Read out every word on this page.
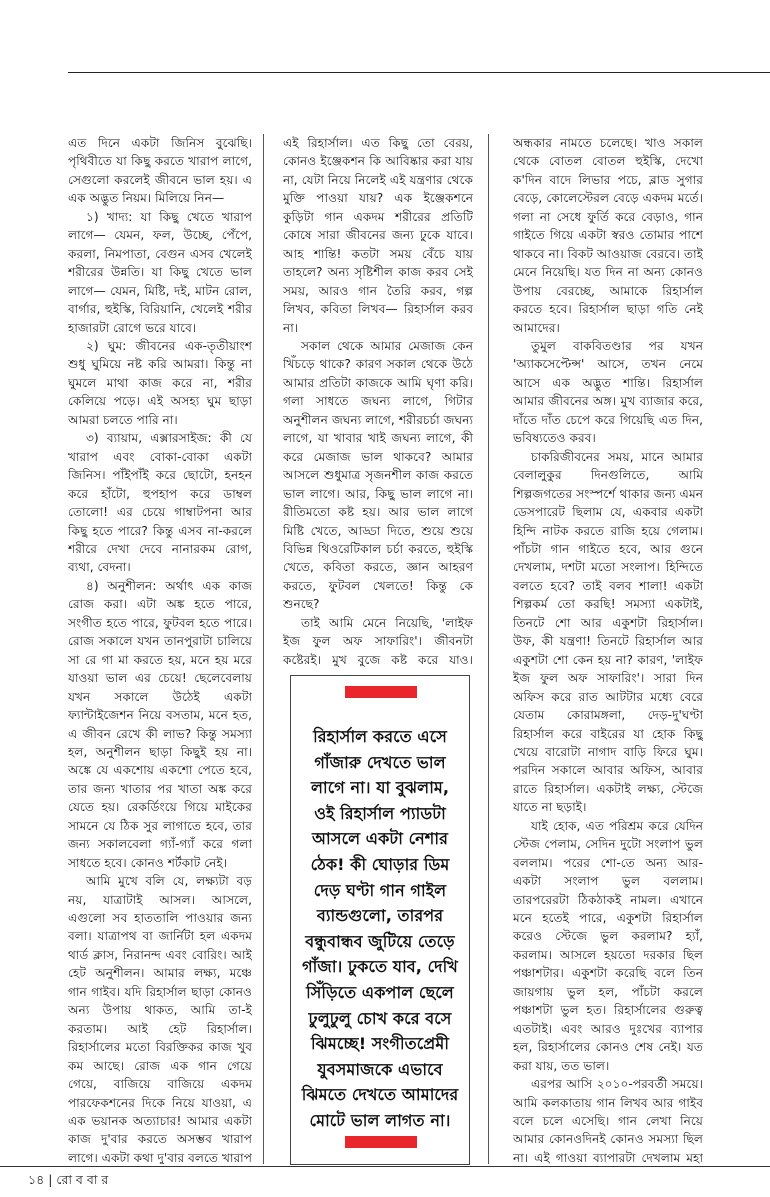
এত দিনে একটা জিনিস বুঝেছি। পৃথিবীতে যা কিছু করতে খারাপ লাগে, সেগুলো করলেই জীবনে ভাল হয়। এ এক অদ্ভুত নিয়ম। মিলিয়ে নিন—

১) খাদ্য: যা কিছু খেতে খারাপ লাগে— যেমন, ফল, উচ্ছে, পেঁপে, করলা, নিমপাতা, বেগুন এসব খেলেই শরীরের উন্নতি। যা কিছু খেতে ভাল লাগে— যেমন, মিষ্টি, দই, মাটন রোল, বার্গার, হুইস্কি, বিরিয়ানি, খেলেই শরীর হাজারটা রোগে ভরে যাবে।

২) ঘুম: জীবনের এক-তৃতীয়াংশ শুধু ঘুমিয়ে নষ্ট করি আমরা। কিন্তু না ঘুমলে মাথা কাজ করে না, শরীর কেলিয়ে পড়ে। এই অসহ্য ঘুম ছাড়া আমরা চলতে পারি না।

৩) ব্যায়াম, এক্সারসাইজ: কী যে খারাপ এবং বোকা-বোকা একটা জিনিস। পাঁইপাঁই করে ছোটো, হনহন করে হাঁটো, হুপহাপ করে ডাম্বল তোলো! এর চেয়ে গাম্বাটপনা আর কিছু হতে পারে? কিন্তু এসব না-করলে শরীরে দেখা দেবে নানারকম রোগ, ব্যথা, বেদনা।

৪) অনুশীলন: অর্থাৎ এক কাজ রোজ করা। এটা অঙ্ক হতে পারে, সংগীত হতে পারে, ফুটবল হতে পারে। রোজ সকালে যখন তানপুরাটা চালিয়ে সা রে গা মা করতে হয়, মনে হয় মরে যাওয়া ভাল এর চেয়ে! ছেলেবেলায় যখন সকালে উঠেই একটা ফ্যান্টাইজেশন নিয়ে বসতাম, মনে হত, এ জীবন রেখে কী লাভ? কিন্তু সমস্যা হল, অনুশীলন ছাড়া কিছুই হয় না। অঙ্কে যে একশোয় একশো পেতে হবে, তার জন্য খাতার পর খাতা অঙ্ক করে যেতে হয়। রেকর্ডিংয়ে গিয়ে মাইকের সামনে যে ঠিক সুর লাগাতে হবে, তার জন্য সকালবেলা গ্যাঁ-গ্যাঁ করে গলা সাধতে হবে। কোনও শর্টকাট নেই।

আমি মুখে বলি যে, লক্ষ্যটা বড় নয়, যাত্রাটাই আসল। আসলে, এগুলো সব হাততালি পাওয়ার জন্য বলা। যাত্রাপথ বা জার্নিটা হল একদম থার্ড ক্লাস, নিরানন্দ এবং বোরিং। আই হেট অনুশীলন। আমার লক্ষ্য, মঞ্চে গান গাইব। যদি রিহার্সাল ছাড়া কোনও অন্য উপায় থাকত, আমি তা-ই করতাম। আই হেট রিহার্সাল। রিহার্সালের মতো বিরক্তিকর কাজ খুব কম আছে। রোজ এক গান গেয়ে গেয়ে, বাজিয়ে বাজিয়ে একদম পারফেকশনের দিকে নিয়ে যাওয়া, এ এক ভয়ানক অত্যাচার! আমার একটা কাজ দু'বার করতে অসম্ভব খারাপ লাগে। একটা কথা দু'বার বলতে খারাপ

এই রিহার্সাল। এত কিছু তো বেরয়, কোনও ইঞ্জেকশন কি আবিষ্কার করা যায় না, যেটা নিয়ে নিলেই এই যন্ত্রণার থেকে মুক্তি পাওয়া যায়? এক ইঞ্জেকশনে কুড়িটা গান একদম শরীরের প্রতিটি কোষে সারা জীবনের জন্য ঢুকে যাবে। আহ শান্তি! কতটা সময় বেঁচে যায় তাহলে? অন্য সৃষ্টিশীল কাজ করব সেই সময়, আরও গান তৈরি করব, গল্প লিখব, কবিতা লিখব— রিহার্সাল করব না।

সকাল থেকে আমার মেজাজ কেন খিঁচড়ে থাকে? কারণ সকাল থেকে উঠে আমার প্রতিটা কাজকে আমি ঘৃণা করি। গলা সাধতে জঘন্য লাগে, গিটার অনুশীলন জঘন্য লাগে, শরীরচর্চা জঘন্য লাগে, যা খাবার খাই জঘন্য লাগে, কী করে মেজাজ ভাল থাকবে? আমার আসলে শুধুমাত্র সৃজনশীল কাজ করতে ভাল লাগে। আর, কিছু ভাল লাগে না। রীতিমতো কষ্ট হয়। আর ভাল লাগে মিষ্টি খেতে, আড্ডা দিতে, শুয়ে শুয়ে বিভিন্ন থিওরেটিকাল চর্চা করতে, হুইস্কি খেতে, কবিতা করতে, জ্ঞান আহরণ করতে, ফুটবল খেলতে! কিন্তু কে শুনছে?

তাই আমি মেনে নিয়েছি, 'লাইফ ইজ ফুল অফ সাফারিং'। জীবনটা কষ্টেরই। মুখ বুজে কষ্ট করে যাও।

অন্ধকার নামতে চলেছে। খাও সকাল থেকে বোতল বোতল হুইস্কি, দেখো ক'দিন বাদে লিভার পচে, ব্লাড সুগার বেড়ে, কোলেস্টেরল বেড়ে একদম মর্তে। গলা না সেধে ফুর্তি করে বেড়াও, গান গাইতে গিয়ে একটা স্বরও তোমার পাশে থাকবে না। বিকট আওয়াজ বেরবে। তাই মেনে নিয়েছি। যত দিন না অন্য কোনও উপায় বেরচ্ছে, আমাকে রিহার্সাল করতে হবে। রিহার্সাল ছাড়া গতি নেই আমাদের।

তুমুল বাকবিতণ্ডার পর যখন 'অ্যাকসেপ্টেন্স' আসে, তখন নেমে আসে এক অদ্ভুত শান্তি। রিহার্সাল আমার জীবনের অঙ্গ। মুখ ব্যাজার করে, দাঁতে দাঁত চেপে করে গিয়েছি এত দিন, ভবিষ্যতেও করব।

চাকরিজীবনের সময়, মানে আমার বেলালুকুর দিনগুলিতে, আমি শিল্পজগতের সংস্পর্শে থাকার জন্য এমন ডেসপারেট ছিলাম যে, একবার একটা হিন্দি নাটক করতে রাজি হয়ে গেলাম। পাঁচটা গান গাইতে হবে, আর গুনে দেখলাম, দশটা মতো সংলাপ। হিন্দিতে বলতে হবে? তাই বলব শালা! একটা শিল্পকর্ম তো করছি! সমস্যা একটাই, তিনটে শো আর একুশটা রিহার্সাল। উফ, কী যন্ত্রণা! তিনটে রিহার্সাল আর একুশটা শো কেন হয় না? কারণ, 'লাইফ ইজ ফুল অফ সাফারিং'। সারা দিন অফিস করে রাত আটটার মধ্যে বেরে যেতাম কোরামঙ্গলা, দেড়-দু'ঘণ্টা রিহার্সাল করে বাইরের যা হোক কিছু খেয়ে বারোটা নাগাদ বাড়ি ফিরে ঘুম। পরদিন সকালে আবার অফিস, আবার রাতে রিহার্সাল। একটাই লক্ষ্য, স্টেজে যাতে না ছড়াই।

যাই হোক, এত পরিশ্রম করে যেদিন স্টেজ পেলাম, সেদিন দুটো সংলাপ ভুল বললাম। পরের শো-তে অন্য আর-একটা সংলাপ ভুল বললাম। তারপরেরটা ঠিকঠাকই নামল। এখানে মনে হতেই পারে, একুশটা রিহার্সাল করেও স্টেজে ভুল করলাম? হ্যাঁ, করলাম। আসলে হয়তো দরকার ছিল পঞ্চাশটার। একুশটা করেছি বলে তিন জায়গায় ভুল হল, পাঁচটা করলে পঞ্চাশটা ভুল হত। রিহার্সালের গুরুত্ব এতটাই। এবং আরও দুঃখের ব্যাপার হল, রিহার্সালের কোনও শেষ নেই। যত করা যায়, তত ভাল।

এরপর আসি ২০১০-পরবর্তী সময়ে। আমি কলকাতায় গান লিখব আর গাইব বলে চলে এসেছি। গান লেখা নিয়ে আমার কোনওদিনই কোনও সমস্যা ছিল না। এই গাওয়া ব্যাপারটা দেখলাম মহা

রিহার্সাল করতে এসে গাঁজারু দেখতে ভাল লাগে না। যা বুঝলাম, ওই রিহার্সাল প্যাডটা আসলে একটা নেশার ঠেক! কী ঘোড়ার ডিম দেড় ঘণ্টা গান গাইল ব্যান্ডগুলো, তারপর বন্ধুবান্ধব জুটিয়ে তেড়ে গাঁজা। ঢুকতে যাব, দেখি সিঁড়িতে একপাল ছেলে ঢুলুঢুলু চোখ করে বসে ঝিমচ্ছে! সংগীতপ্রেমী যুবসমাজকে এভাবে ঝিমতে দেখতে আমাদের মোটে ভাল লাগত না।

১৪ | রো ব বা র
